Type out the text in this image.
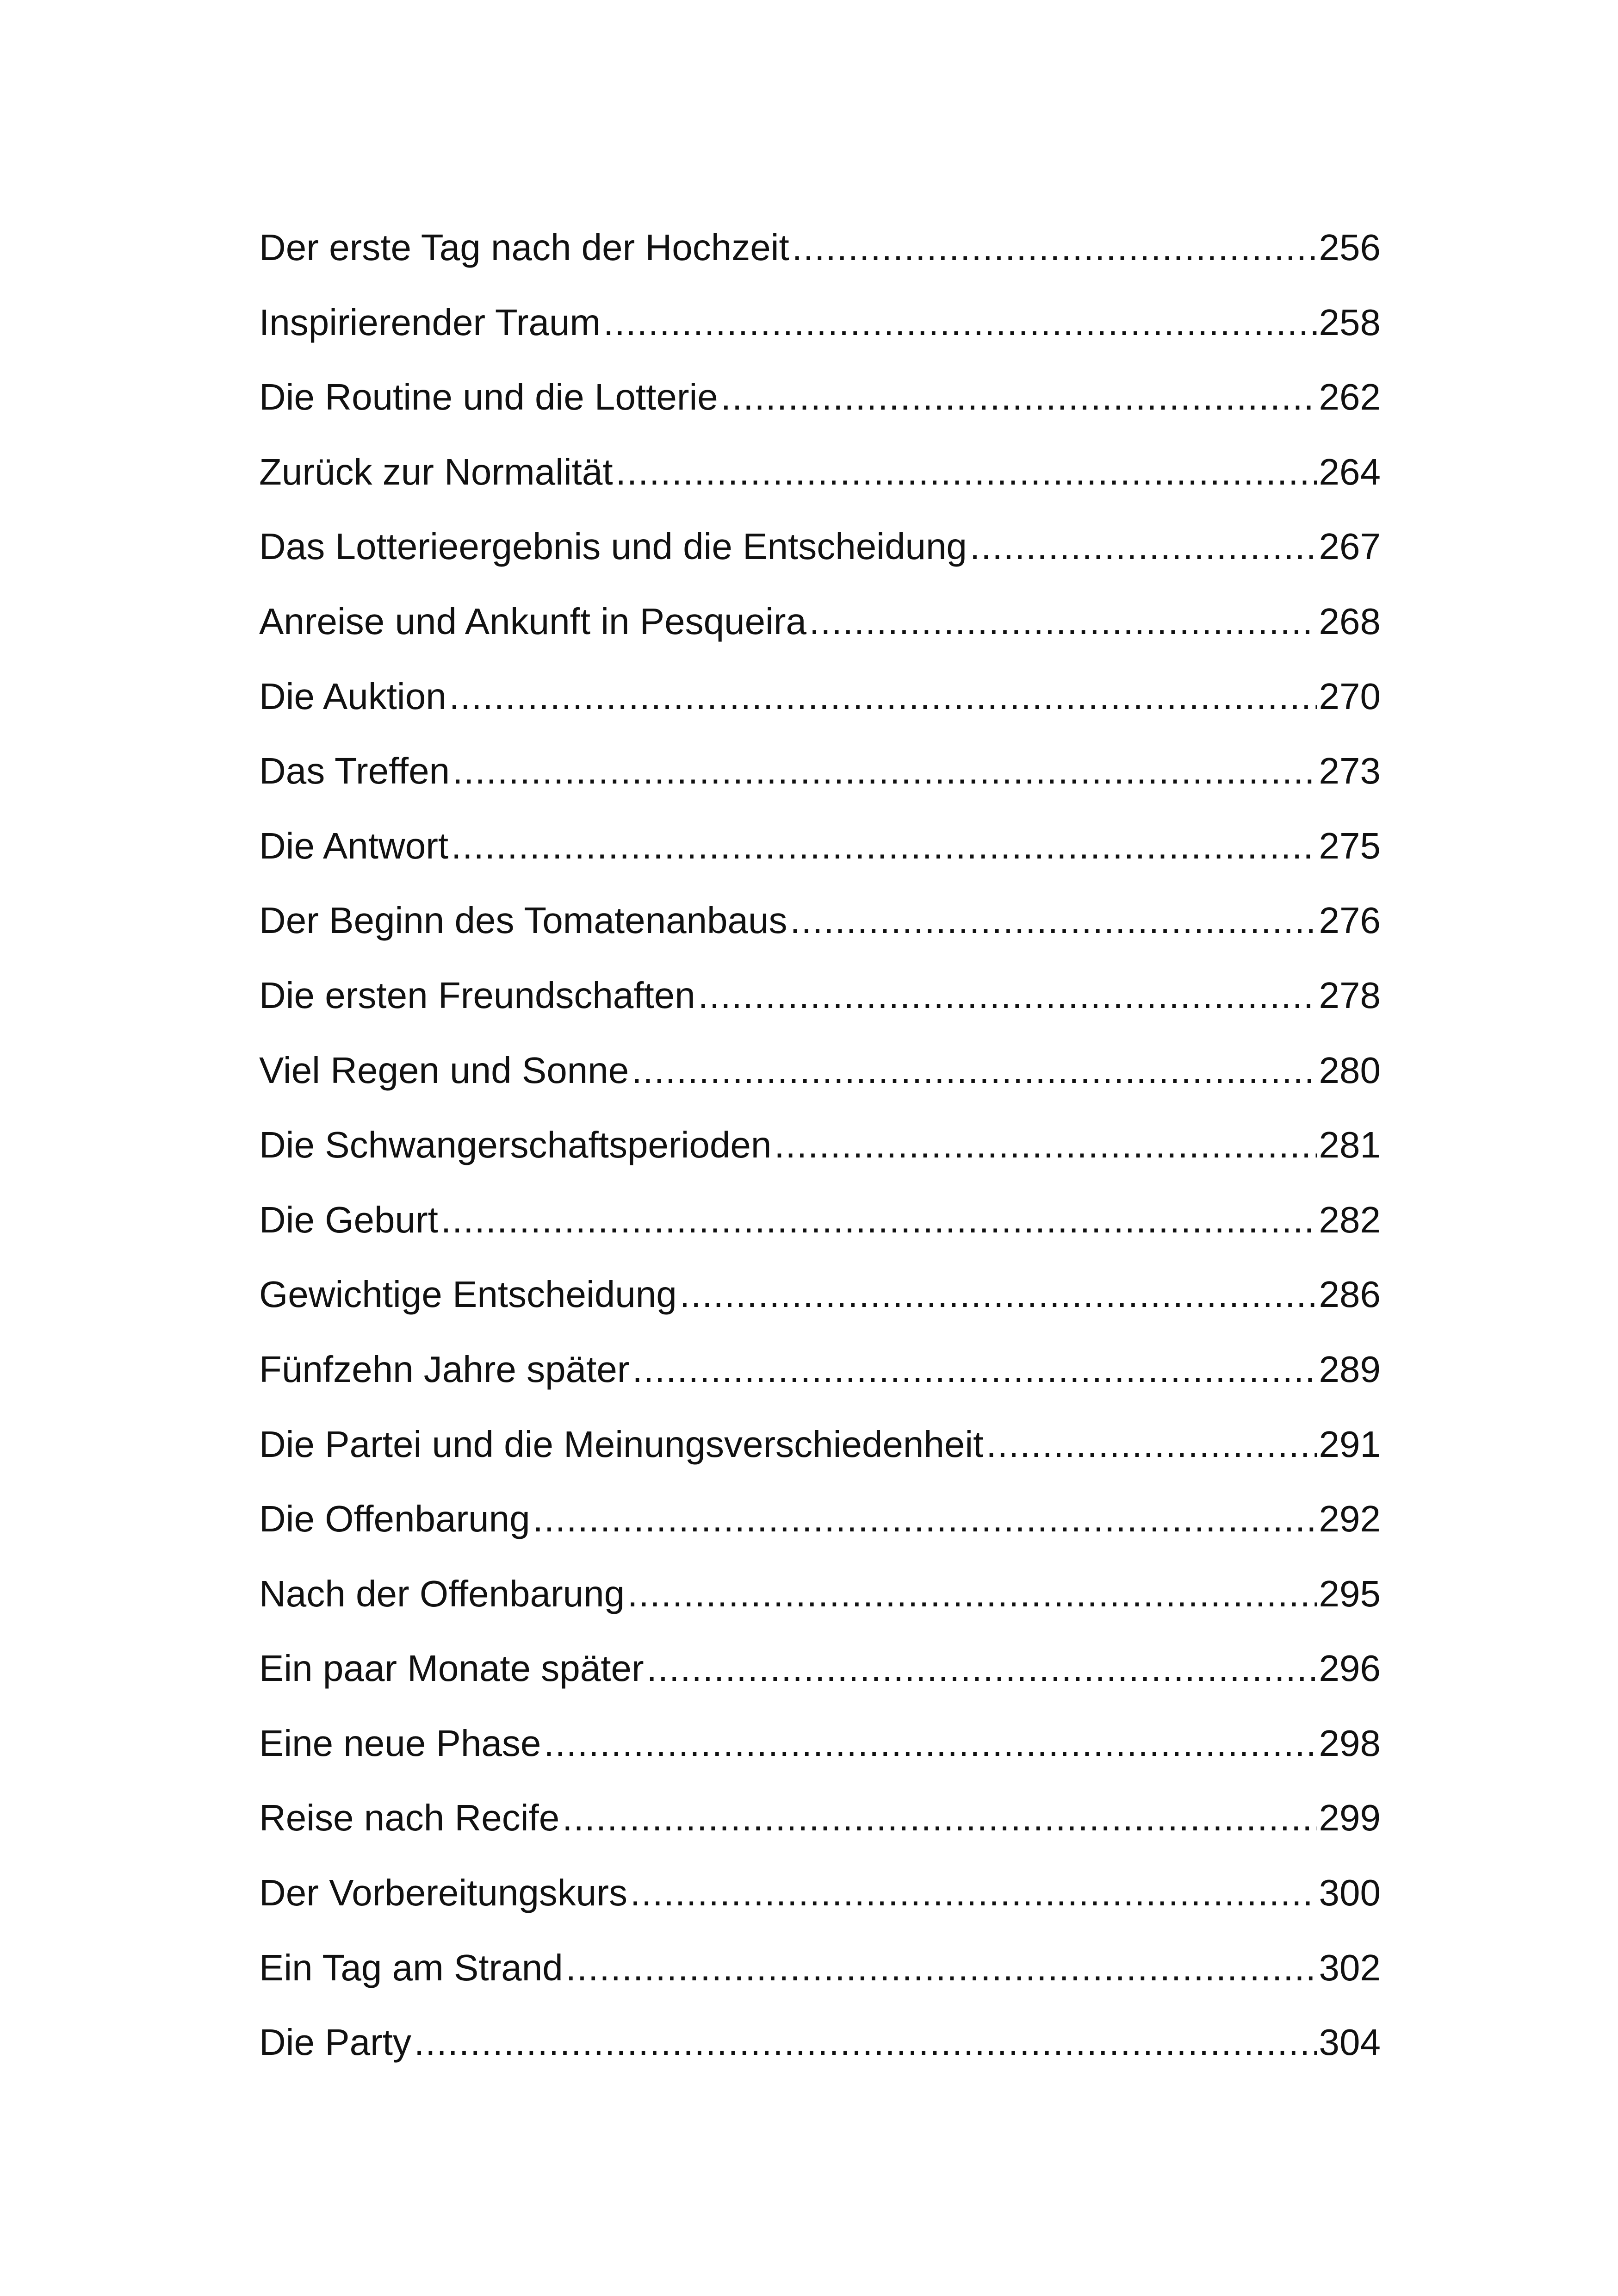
Der erste Tag nach der Hochzeit .....	256
Inspirierender Traum .....	258
Die Routine und die Lotterie .....	262
Zurück zur Normalität .....	264
Das Lotterieergebnis und die Entscheidung .....	267
Anreise und Ankunft in Pesqueira .....	268
Die Auktion .....	270
Das Treffen .....	273
Die Antwort .....	275
Der Beginn des Tomatenanbaus .....	276
Die ersten Freundschaften .....	278
Viel Regen und Sonne .....	280
Die Schwangerschaftsperioden .....	281
Die Geburt .....	282
Gewichtige Entscheidung .....	286
Fünfzehn Jahre später .....	289
Die Partei und die Meinungsverschiedenheit .....	291
Die Offenbarung .....	292
Nach der Offenbarung .....	295
Ein paar Monate später .....	296
Eine neue Phase .....	298
Reise nach Recife .....	299
Der Vorbereitungskurs .....	300
Ein Tag am Strand .....	302
Die Party .....	304
